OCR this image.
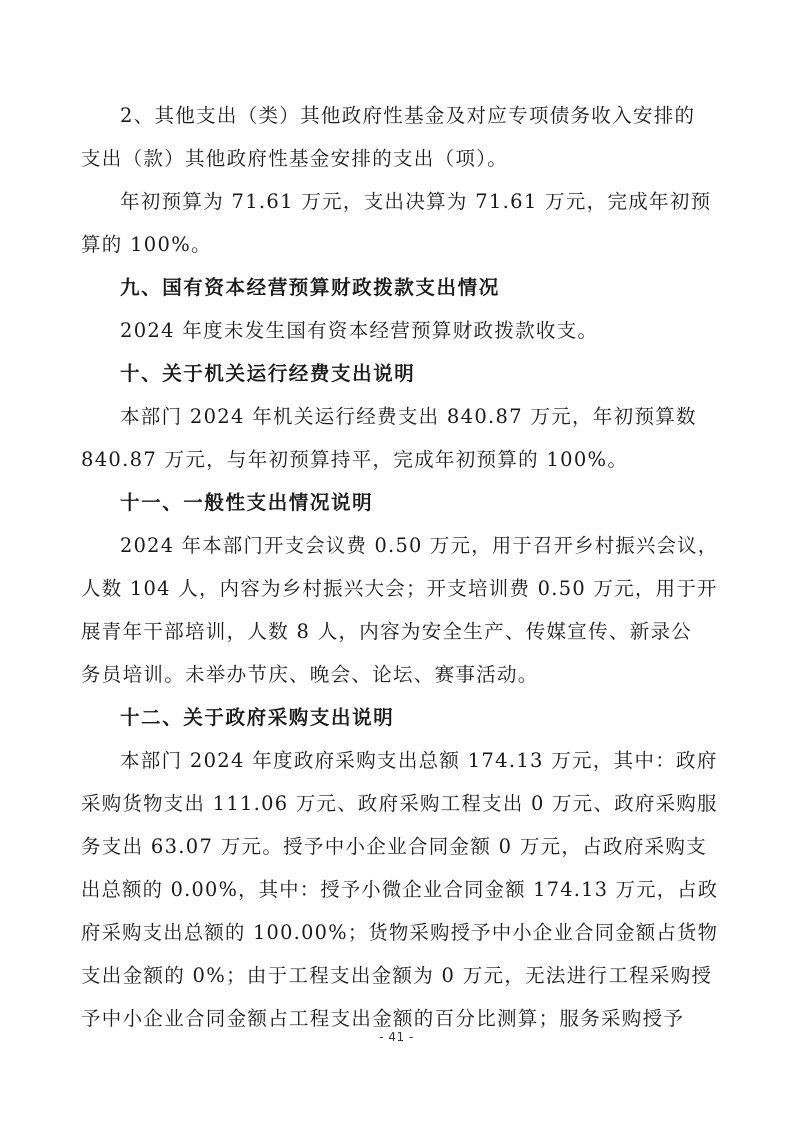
2、其他支出（类）其他政府性基金及对应专项债务收入安排的
支出（款）其他政府性基金安排的支出（项）。
年初预算为 71.61 万元，支出决算为 71.61 万元，完成年初预
算的 100%。
九、国有资本经营预算财政拨款支出情况
2024 年度未发生国有资本经营预算财政拨款收支。
十、关于机关运行经费支出说明
本部门 2024 年机关运行经费支出 840.87 万元，年初预算数
840.87 万元，与年初预算持平，完成年初预算的 100%。
十一、一般性支出情况说明
2024 年本部门开支会议费 0.50 万元，用于召开乡村振兴会议，
人数 104 人，内容为乡村振兴大会；开支培训费 0.50 万元，用于开
展青年干部培训，人数 8 人，内容为安全生产、传媒宣传、新录公
务员培训。未举办节庆、晚会、论坛、赛事活动。
十二、关于政府采购支出说明
本部门 2024 年度政府采购支出总额 174.13 万元，其中：政府
采购货物支出 111.06 万元、政府采购工程支出 0 万元、政府采购服
务支出 63.07 万元。授予中小企业合同金额 0 万元，占政府采购支
出总额的 0.00%，其中：授予小微企业合同金额 174.13 万元，占政
府采购支出总额的 100.00%；货物采购授予中小企业合同金额占货物
支出金额的 0%；由于工程支出金额为 0 万元，无法进行工程采购授
予中小企业合同金额占工程支出金额的百分比测算；服务采购授予
- 41 -
